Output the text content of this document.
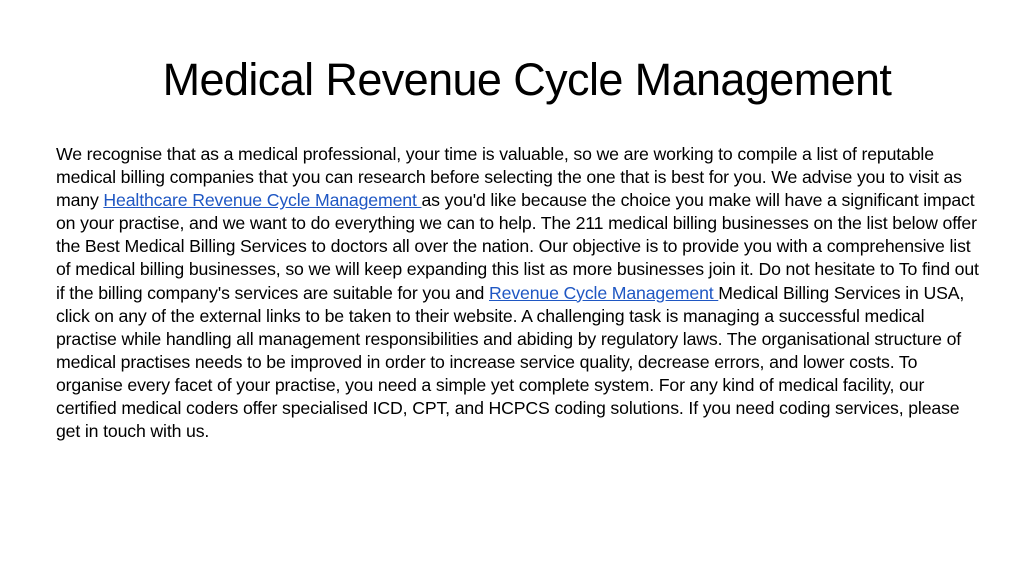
Medical Revenue Cycle Management

We recognise that as a medical professional, your time is valuable, so we are working to compile a list of reputable medical billing companies that you can research before selecting the one that is best for you. We advise you to visit as many Healthcare Revenue Cycle Management as you'd like because the choice you make will have a significant impact on your practise, and we want to do everything we can to help. The 211 medical billing businesses on the list below offer the Best Medical Billing Services to doctors all over the nation. Our objective is to provide you with a comprehensive list of medical billing businesses, so we will keep expanding this list as more businesses join it. Do not hesitate to To find out if the billing company's services are suitable for you and Revenue Cycle Management Medical Billing Services in USA, click on any of the external links to be taken to their website. A challenging task is managing a successful medical practise while handling all management responsibilities and abiding by regulatory laws. The organisational structure of medical practises needs to be improved in order to increase service quality, decrease errors, and lower costs. To organise every facet of your practise, you need a simple yet complete system. For any kind of medical facility, our certified medical coders offer specialised ICD, CPT, and HCPCS coding solutions. If you need coding services, please get in touch with us.
